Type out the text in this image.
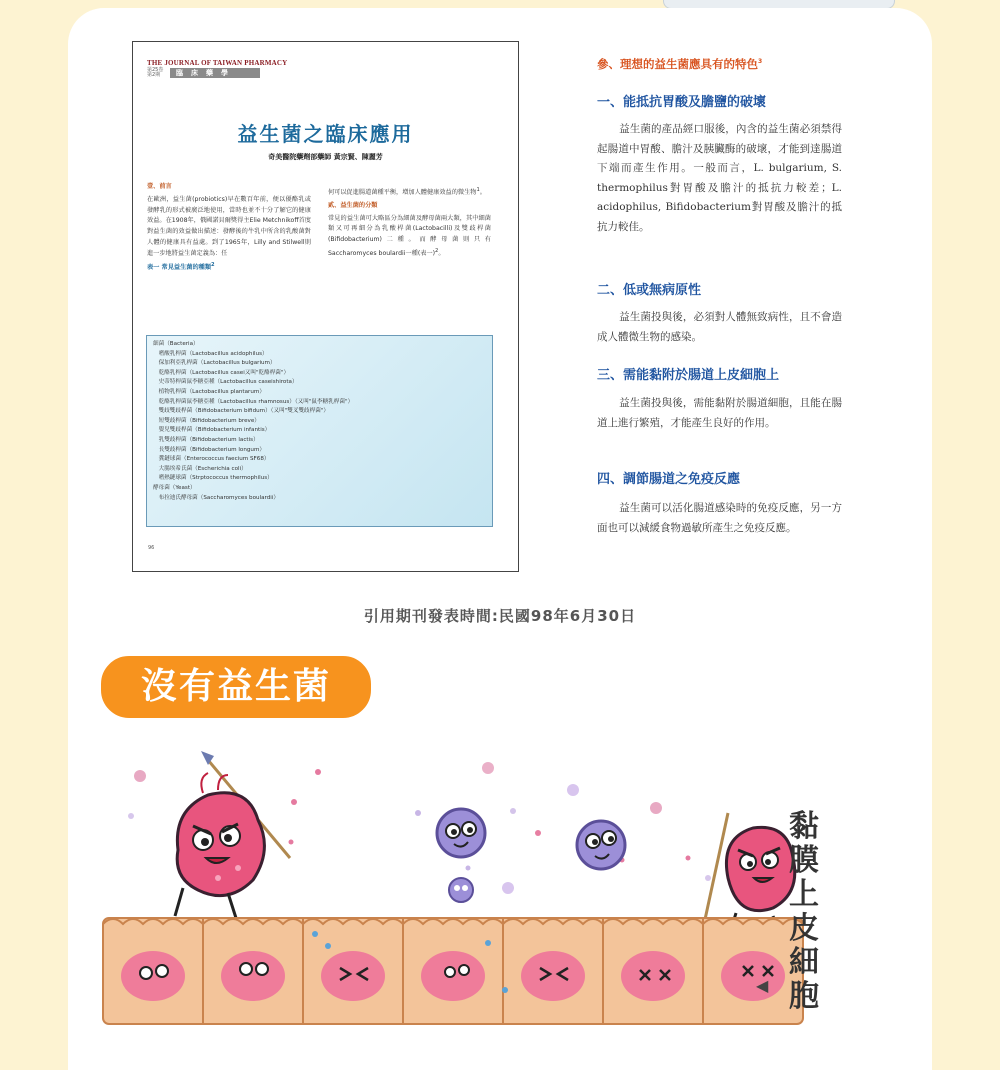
THE JOURNAL OF TAIWAN PHARMACY
第25卷
第2期	臨床藥學
益生菌之臨床應用
奇美醫院藥劑部藥師 黃宗賢、陳麗芳
壹、前言
在歐洲，益生菌(probiotics)早在數百年前，便以優酪乳或發酵乳的形式被廣泛地使用，當時也並不十分了解它的健康效益。在1908年，俄國諾貝爾獎得主Elie Metchnikoff首度對益生菌的效益做出描述：發酵後的牛乳中所含的乳酸菌對人體的健康具有益處。到了1965年，Lilly and Stilwell則進一步地將益生菌定義為：任
表一 常見益生菌的種類$^2$
何可以促進腸道菌種平衡，增加人體健康效益的微生物$^1$。
貳、益生菌的分類
常見的益生菌可大略區分為細菌及酵母菌兩大類，其中細菌類又可再細分為乳酸桿菌(Lactobacilli)及雙歧桿菌(Bifidobacterium)二種。而酵母菌則只有Saccharomyces boulardii一種(表一)$^2$。
細菌（Bacteria）
　嗜酸乳桿菌（Lactobacillus acidophilus）
　保加利亞乳桿菌（Lactobacillus bulgarium）
　乾酪乳桿菌（Lactobacillus casei又叫"乾酪桿菌"）
　史蒂特桿菌鼠李糖亞種（Lactobacillus caseishirota）
　植物乳桿菌（Lactobacillus plantarum）
　乾酪乳桿菌鼠李糖亞種（Lactobacillus rhamnosus）（又叫"鼠李糖乳桿菌"）
　雙歧雙歧桿菌（Bifidobacterium bifidum）（又叫"雙叉雙歧桿菌"）
　短雙歧桿菌（Bifidobacterium breve）
　嬰兒雙歧桿菌（Bifidobacterium infantis）
　乳雙歧桿菌（Bifidobacterium lactis）
　長雙歧桿菌（Bifidobacterium longum）
　糞鏈球菌（Enterococcus faecium SF68）
　大腸埃希氏菌（Escherichia coli）
　嗜熱鏈球菌（Strptococcus thermophilus）
酵母菌（Yeast）
　布拉迪氏酵母菌（Saccharomyces boulardii）
96
參、理想的益生菌應具有的特色$^3$
一、能抵抗胃酸及膽鹽的破壞
益生菌的產品經口服後，內含的益生菌必須禁得起腸道中胃酸、膽汁及胰臟酶的破壞，才能到達腸道下端而產生作用。一般而言，L. bulgarium, S. thermophilus對胃酸及膽汁的抵抗力較差；L. acidophilus, Bifidobacterium對胃酸及膽汁的抵抗力較佳。
二、低或無病原性
益生菌投與後，必須對人體無致病性，且不會造成人體微生物的感染。
三、需能黏附於腸道上皮細胞上
益生菌投與後，需能黏附於腸道細胞，且能在腸道上進行繁殖，才能產生良好的作用。
四、調節腸道之免疫反應
益生菌可以活化腸道感染時的免疫反應，另一方面也可以減緩食物過敏所產生之免疫反應。
引用期刊發表時間:民國98年6月30日
沒有益生菌
黏膜上皮細胞
◀
